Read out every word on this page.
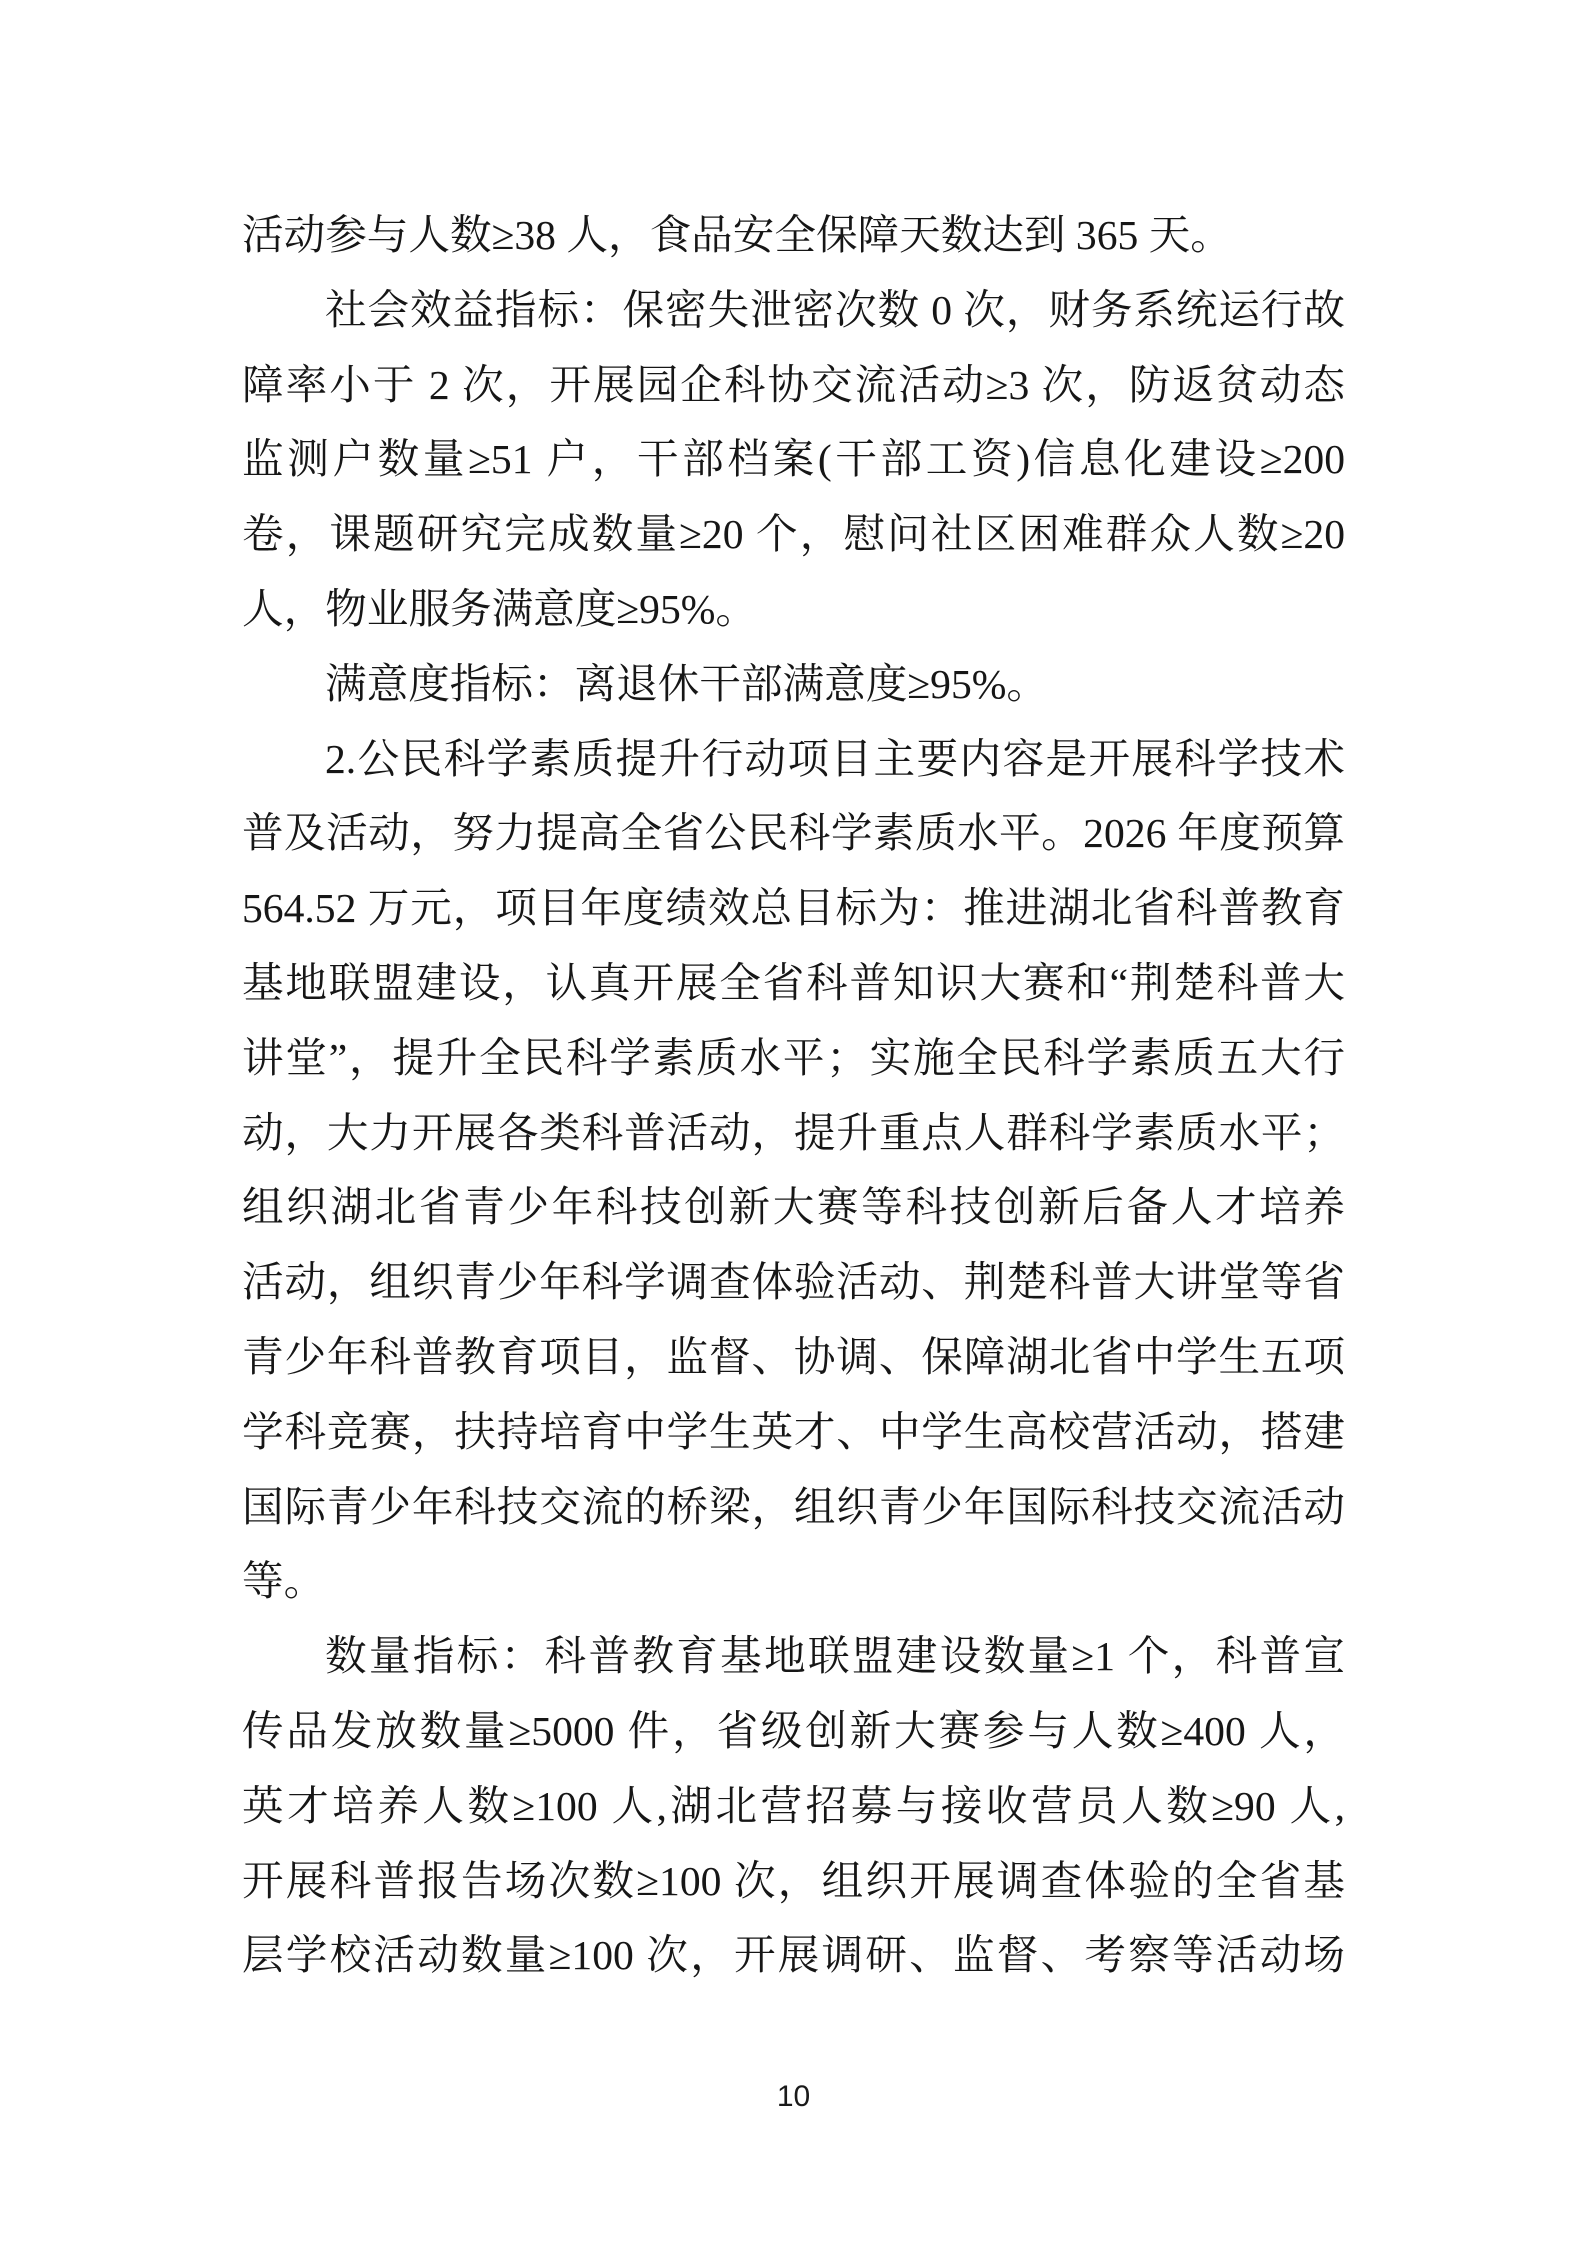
活动参与人数≥38 人，食品安全保障天数达到 365 天。
社会效益指标：保密失泄密次数 0 次，财务系统运行故
障率小于 2 次，开展园企科协交流活动≥3 次，防返贫动态
监测户数量≥51 户，干部档案(干部工资)信息化建设≥200
卷，课题研究完成数量≥20 个，慰问社区困难群众人数≥20
人，物业服务满意度≥95%。
满意度指标：离退休干部满意度≥95%。
2.公民科学素质提升行动项目主要内容是开展科学技术
普及活动，努力提高全省公民科学素质水平。2026 年度预算
564.52 万元，项目年度绩效总目标为：推进湖北省科普教育
基地联盟建设，认真开展全省科普知识大赛和“荆楚科普大
讲堂”，提升全民科学素质水平；实施全民科学素质五大行
动，大力开展各类科普活动，提升重点人群科学素质水平；
组织湖北省青少年科技创新大赛等科技创新后备人才培养
活动，组织青少年科学调查体验活动、荆楚科普大讲堂等省
青少年科普教育项目，监督、协调、保障湖北省中学生五项
学科竞赛，扶持培育中学生英才、中学生高校营活动，搭建
国际青少年科技交流的桥梁，组织青少年国际科技交流活动
等。
数量指标：科普教育基地联盟建设数量≥1 个，科普宣
传品发放数量≥5000 件，省级创新大赛参与人数≥400 人，
英才培养人数≥100 人,湖北营招募与接收营员人数≥90 人,
开展科普报告场次数≥100 次，组织开展调查体验的全省基
层学校活动数量≥100 次，开展调研、监督、考察等活动场
10
